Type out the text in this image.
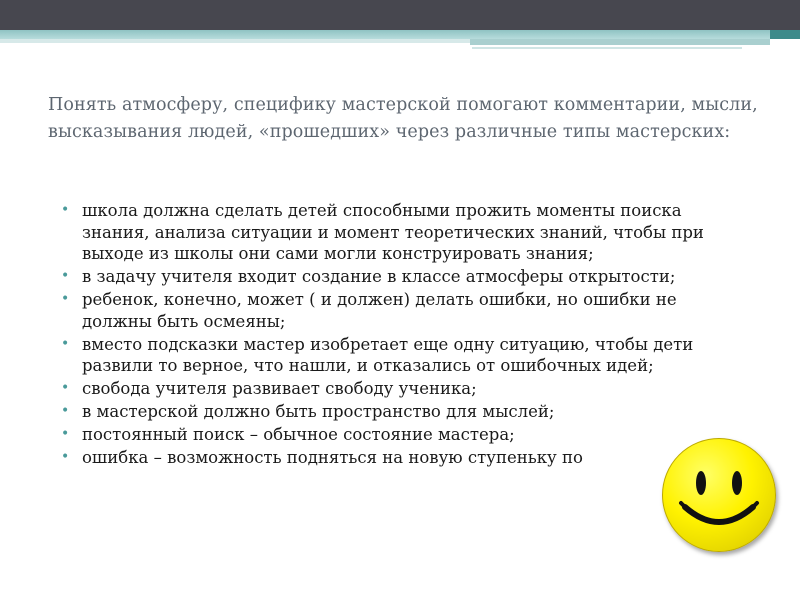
Понять атмосферу, специфику мастерской помогают комментарии, мысли, высказывания людей, «прошедших» через различные типы мастерских:
• школа должна сделать детей способными прожить моменты поиска знания, анализа ситуации и момент теоретических знаний, чтобы при выходе из школы они сами могли конструировать знания;
• в задачу учителя входит создание в классе атмосферы открытости;
• ребенок, конечно, может ( и должен) делать ошибки, но ошибки не должны быть осмеяны;
• вместо подсказки мастер изобретает еще одну ситуацию, чтобы дети развили то верное, что нашли, и отказались от ошибочных идей;
• свобода учителя развивает свободу ученика;
• в мастерской должно быть пространство для мыслей;
• постоянный поиск – обычное состояние мастера;
• ошибка – возможность подняться на новую ступеньку по
